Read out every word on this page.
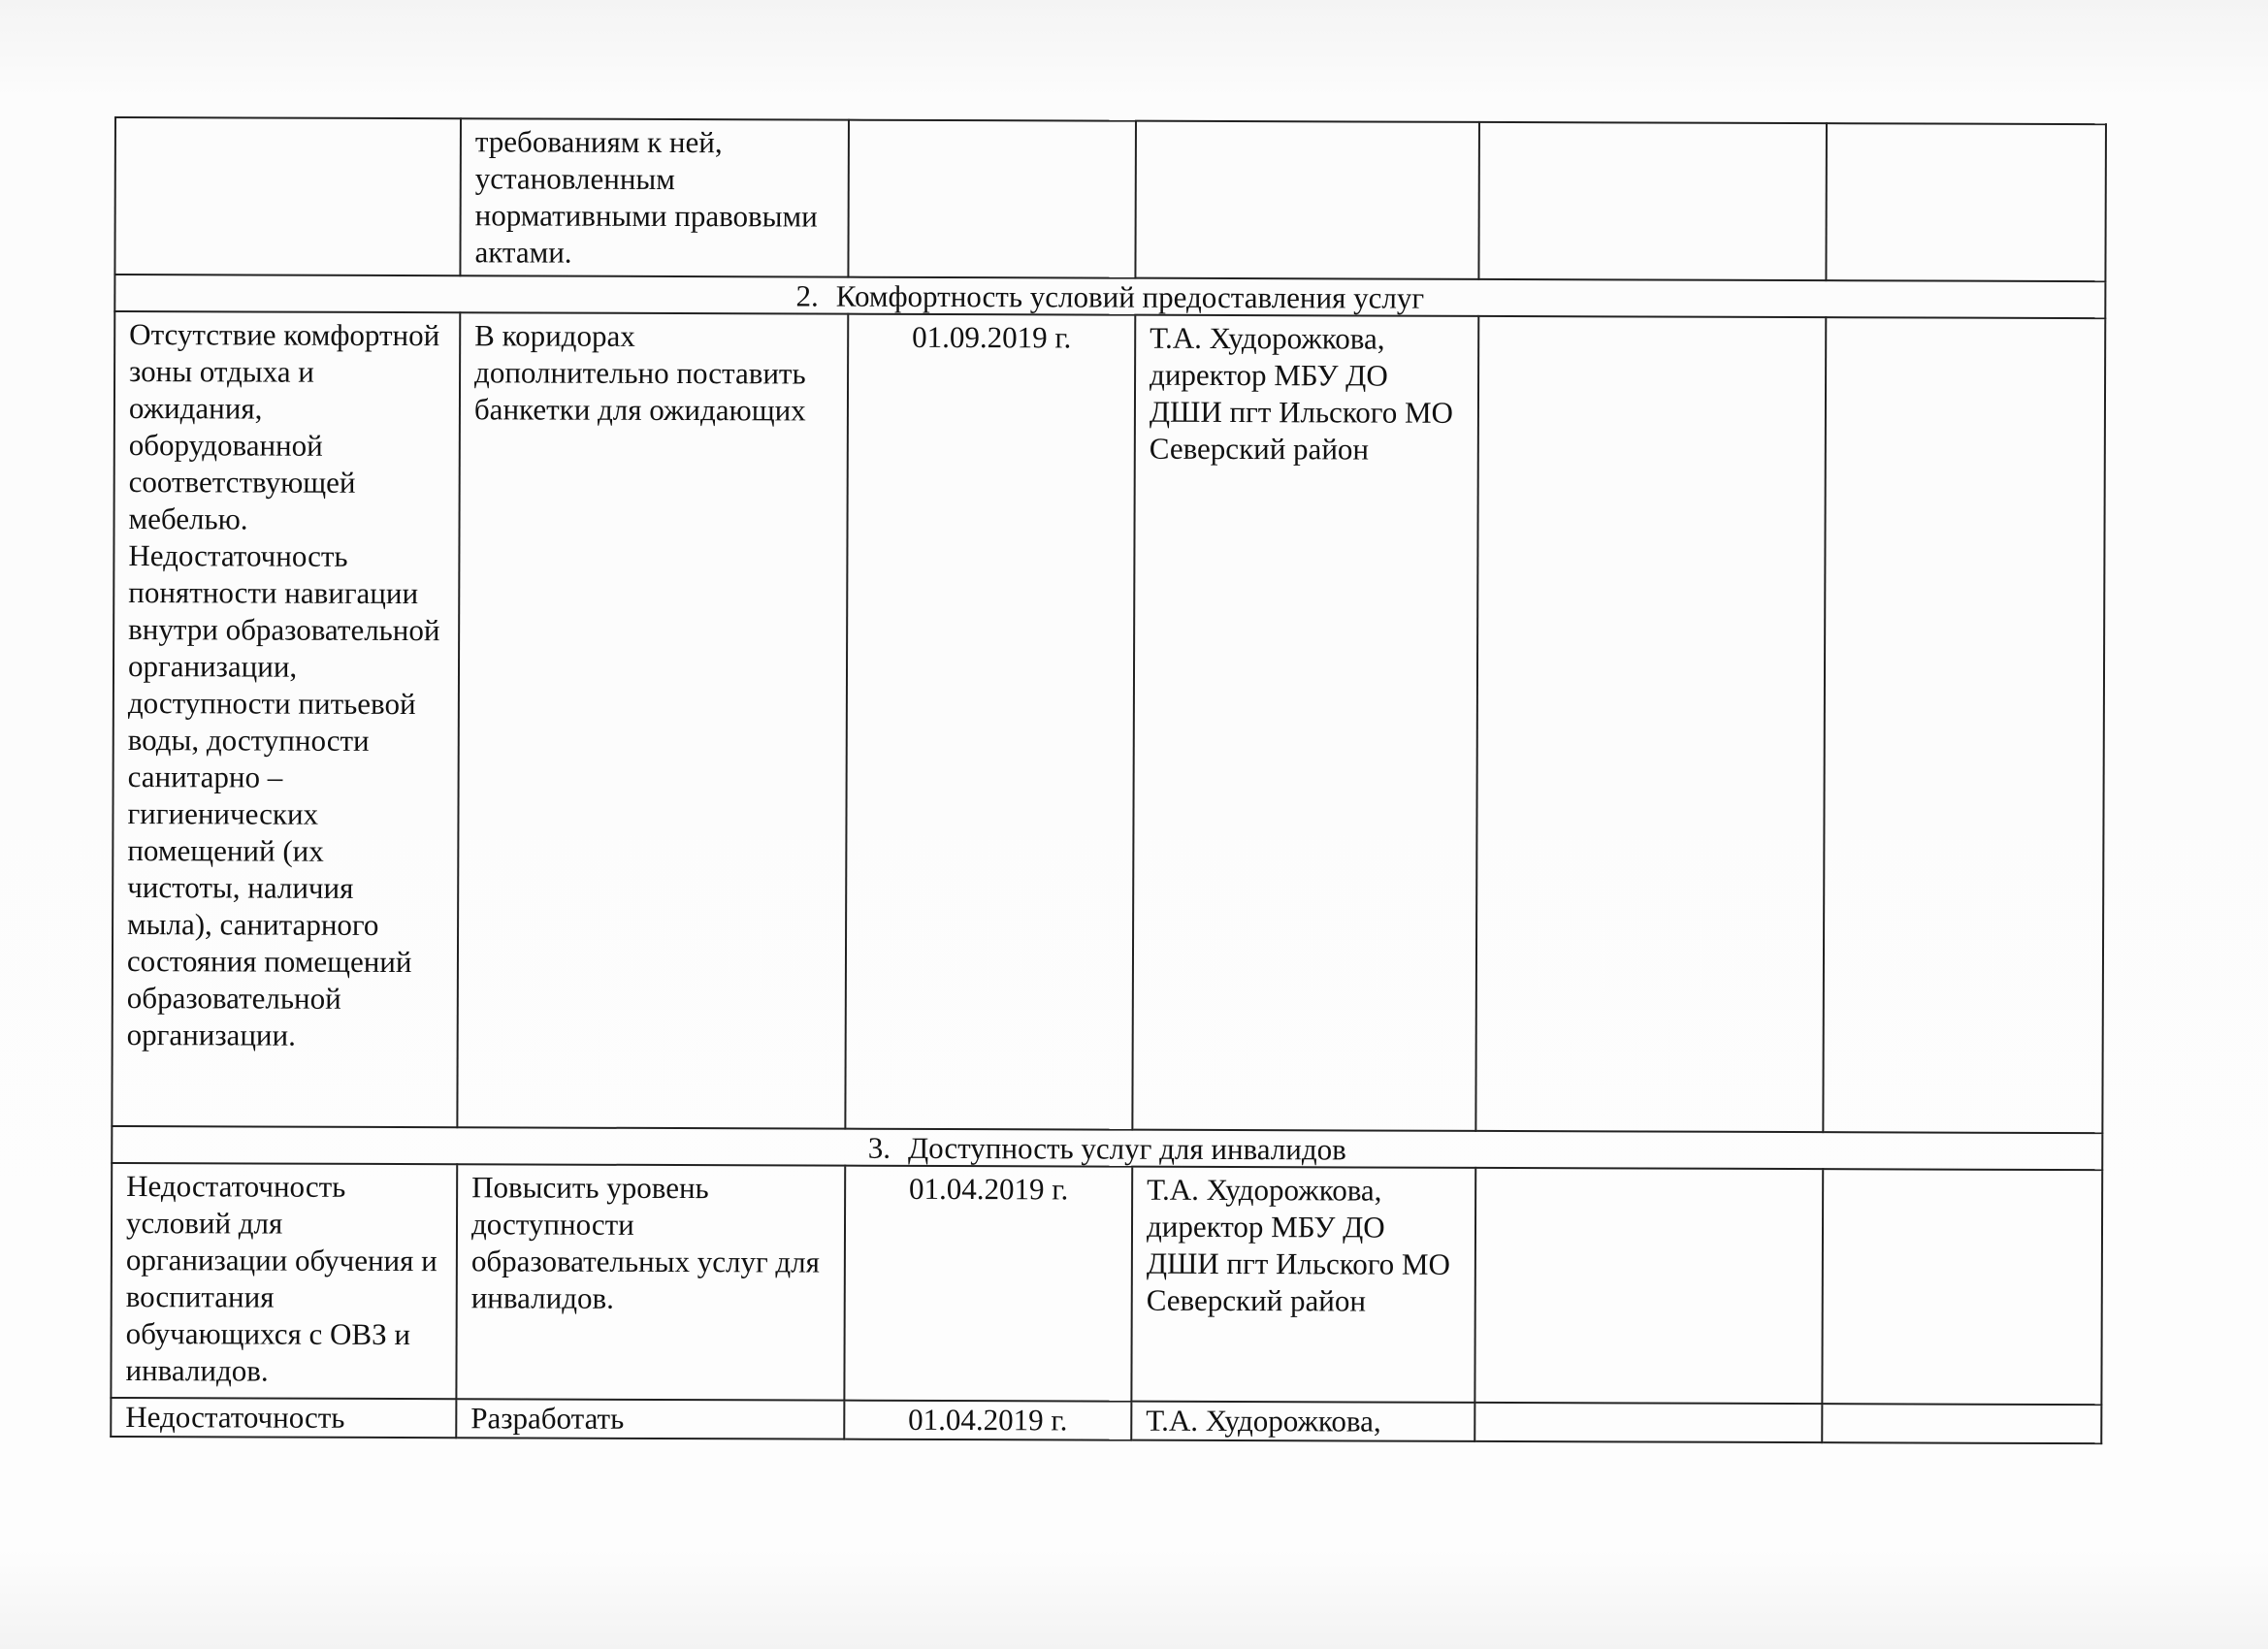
	требованиям к ней, установленным нормативными правовыми актами.				
2. Комфортность условий предоставления услуг					
Отсутствие комфортной зоны отдыха и ожидания, оборудованной соответствующей мебелью. Недостаточность понятности навигации внутри образовательной организации, доступности питьевой воды, доступности санитарно – гигиенических помещений (их чистоты, наличия мыла), санитарного состояния помещений образовательной организации.	В коридорах дополнительно поставить банкетки для ожидающих	01.09.2019 г.	Т.А. Худорожкова, директор МБУ ДО ДШИ пгт Ильского МО Северский район		
3. Доступность услуг для инвалидов					
Недостаточность условий для организации обучения и воспитания обучающихся с ОВЗ и инвалидов.	Повысить уровень доступности образовательных услуг для инвалидов.	01.04.2019 г.	Т.А. Худорожкова, директор МБУ ДО ДШИ пгт Ильского МО Северский район		
Недостаточность	Разработать	01.04.2019 г.	Т.А. Худорожкова,		
